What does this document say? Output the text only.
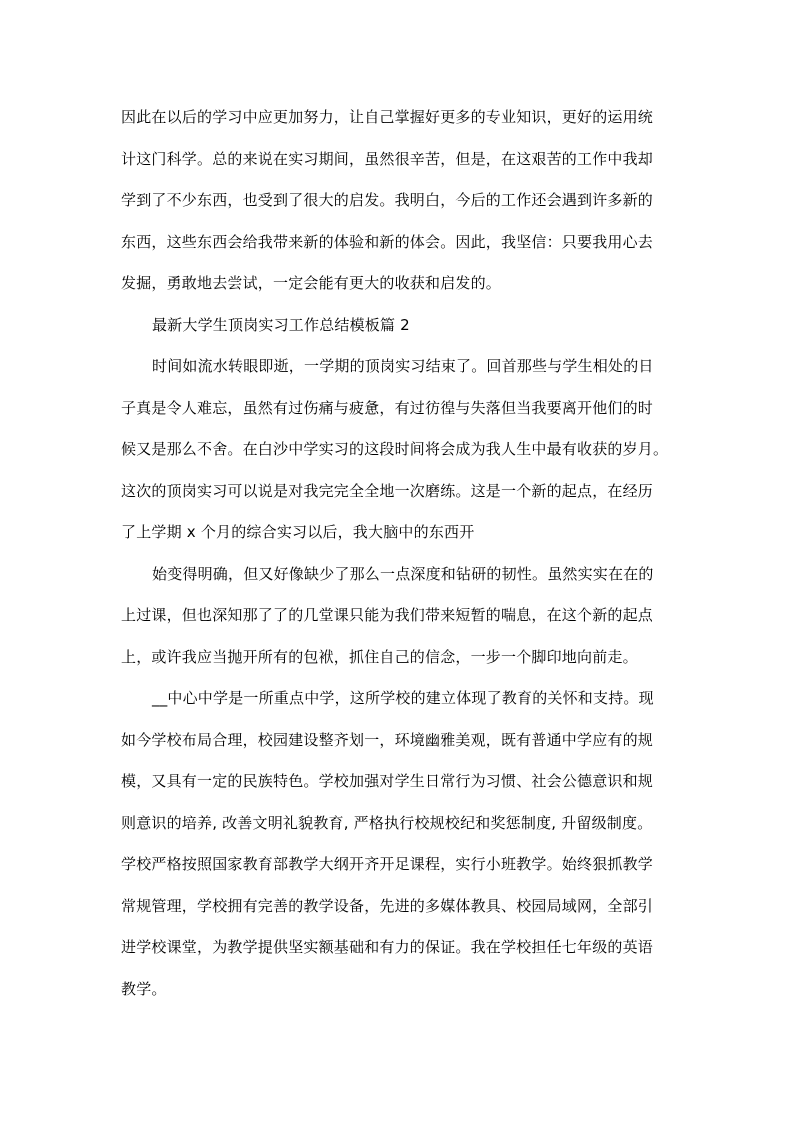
因此在以后的学习中应更加努力，让自己掌握好更多的专业知识，更好的运用统
计这门科学。总的来说在实习期间，虽然很辛苦，但是，在这艰苦的工作中我却
学到了不少东西，也受到了很大的启发。我明白，今后的工作还会遇到许多新的
东西，这些东西会给我带来新的体验和新的体会。因此，我坚信：只要我用心去
发掘，勇敢地去尝试，一定会能有更大的收获和启发的。
最新大学生顶岗实习工作总结模板篇 2
时间如流水转眼即逝，一学期的顶岗实习结束了。回首那些与学生相处的日
子真是令人难忘，虽然有过伤痛与疲惫，有过彷徨与失落但当我要离开他们的时
候又是那么不舍。在白沙中学实习的这段时间将会成为我人生中最有收获的岁月。
这次的顶岗实习可以说是对我完完全全地一次磨练。这是一个新的起点，在经历
了上学期 x 个月的综合实习以后，我大脑中的东西开
始变得明确，但又好像缺少了那么一点深度和钻研的韧性。虽然实实在在的
上过课，但也深知那了了的几堂课只能为我们带来短暂的喘息，在这个新的起点
上，或许我应当抛开所有的包袱，抓住自己的信念，一步一个脚印地向前走。
__中心中学是一所重点中学，这所学校的建立体现了教育的关怀和支持。现
如今学校布局合理，校园建设整齐划一，环境幽雅美观，既有普通中学应有的规
模，又具有一定的民族特色。学校加强对学生日常行为习惯、社会公德意识和规
则意识的培养, 改善文明礼貌教育, 严格执行校规校纪和奖惩制度, 升留级制度。
学校严格按照国家教育部教学大纲开齐开足课程，实行小班教学。始终狠抓教学
常规管理，学校拥有完善的教学设备，先进的多媒体教具、校园局域网，全部引
进学校课堂，为教学提供坚实额基础和有力的保证。我在学校担任七年级的英语
教学。
